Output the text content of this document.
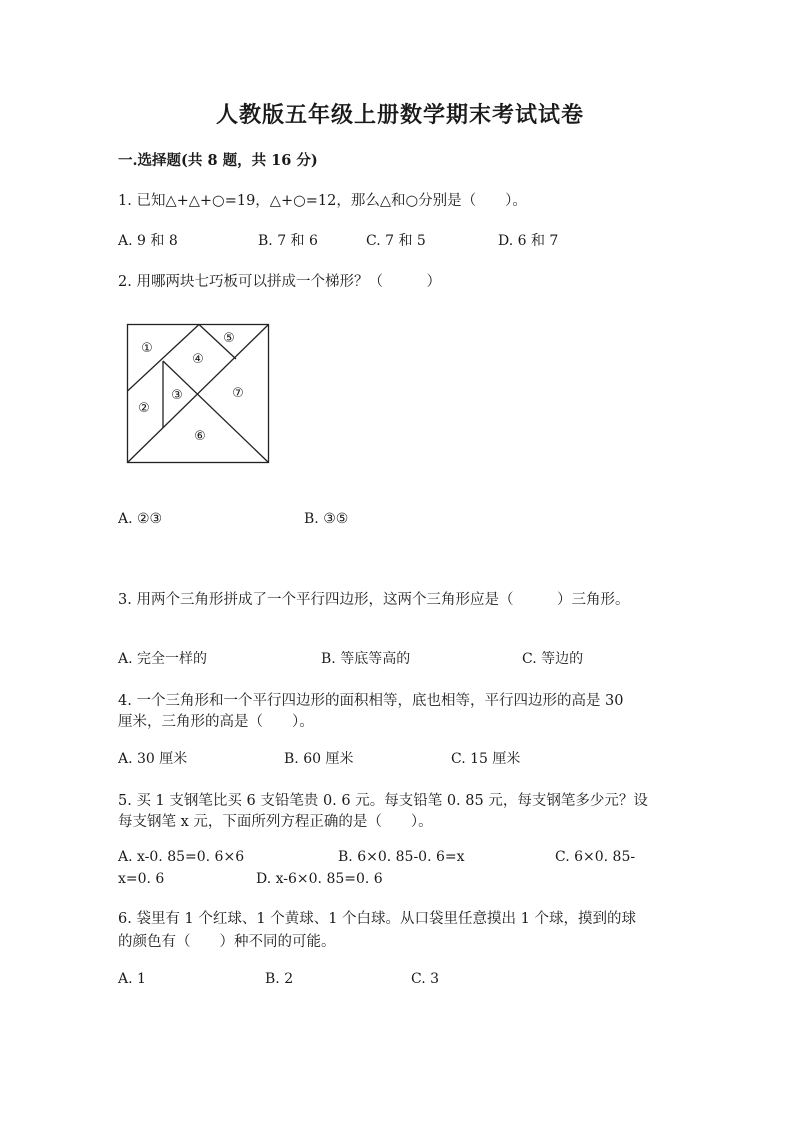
人教版五年级上册数学期末考试试卷
一.选择题(共 8 题，共 16 分)
1. 已知△+△+○=19，△+○=12，那么△和○分别是（　　）。
A. 9 和 8	B. 7 和 6	C. 7 和 5	D. 6 和 7
2. 用哪两块七巧板可以拼成一个梯形？（　　　）
①
②
③
④
⑤
⑥
⑦
A. ②③	B. ③⑤
3. 用两个三角形拼成了一个平行四边形，这两个三角形应是（　　　）三角形。
A. 完全一样的	B. 等底等高的	C. 等边的
4. 一个三角形和一个平行四边形的面积相等，底也相等，平行四边形的高是 30
厘米，三角形的高是（　　）。
A. 30 厘米	B. 60 厘米	C. 15 厘米
5. 买 1 支钢笔比买 6 支铅笔贵 0. 6 元。每支铅笔 0. 85 元，每支钢笔多少元？设
每支钢笔 x 元，下面所列方程正确的是（　　）。
A. x-0. 85=0. 6×6	B. 6×0. 85-0. 6=x	C. 6×0. 85-
x=0. 6	D. x-6×0. 85=0. 6
6. 袋里有 1 个红球、1 个黄球、1 个白球。从口袋里任意摸出 1 个球，摸到的球
的颜色有（　　）种不同的可能。
A. 1	B. 2	C. 3
